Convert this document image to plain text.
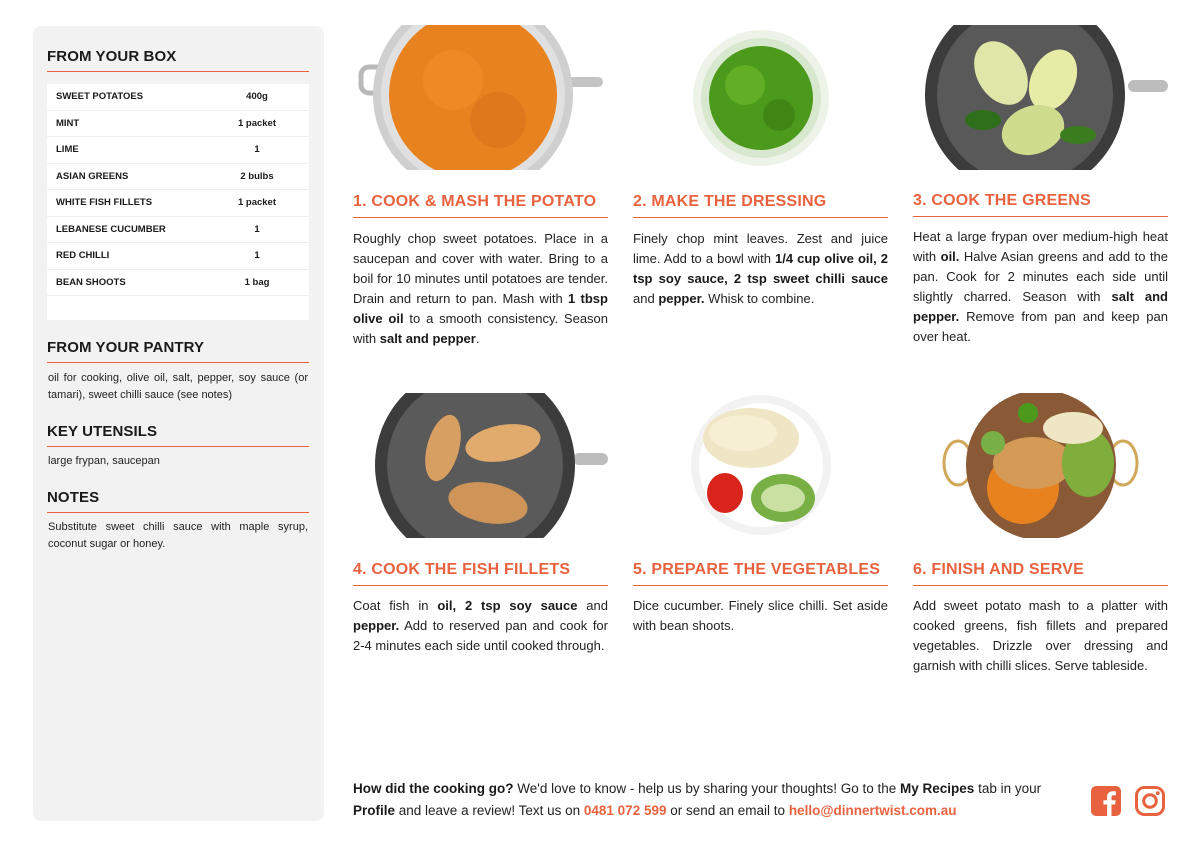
FROM YOUR BOX
SWEET POTATOES	400g
MINT	1 packet
LIME	1
ASIAN GREENS	2 bulbs
WHITE FISH FILLETS	1 packet
LEBANESE CUCUMBER	1
RED CHILLI	1
BEAN SHOOTS	1 bag
FROM YOUR PANTRY

oil for cooking, olive oil, salt, pepper, soy sauce (or tamari), sweet chilli sauce (see notes)

KEY UTENSILS

large frypan, saucepan

NOTES

Substitute sweet chilli sauce with maple syrup, coconut sugar or honey.

1. COOK & MASH THE POTATO

Roughly chop sweet potatoes. Place in a saucepan and cover with water. Bring to a boil for 10 minutes until potatoes are tender. Drain and return to pan. Mash with 1 tbsp olive oil to a smooth consistency. Season with salt and pepper.

2. MAKE THE DRESSING

Finely chop mint leaves. Zest and juice lime. Add to a bowl with 1/4 cup olive oil, 2 tsp soy sauce, 2 tsp sweet chilli sauce and pepper. Whisk to combine.

3. COOK THE GREENS

Heat a large frypan over medium-high heat with oil. Halve Asian greens and add to the pan. Cook for 2 minutes each side until slightly charred. Season with salt and pepper. Remove from pan and keep pan over heat.

4. COOK THE FISH FILLETS

Coat fish in oil, 2 tsp soy sauce and pepper. Add to reserved pan and cook for 2-4 minutes each side until cooked through.

5. PREPARE THE VEGETABLES

Dice cucumber. Finely slice chilli. Set aside with bean shoots.

6. FINISH AND SERVE

Add sweet potato mash to a platter with cooked greens, fish fillets and prepared vegetables. Drizzle over dressing and garnish with chilli slices. Serve tableside.

How did the cooking go? We'd love to know - help us by sharing your thoughts! Go to the My Recipes tab in your Profile and leave a review! Text us on 0481 072 599 or send an email to hello@dinnertwist.com.au
